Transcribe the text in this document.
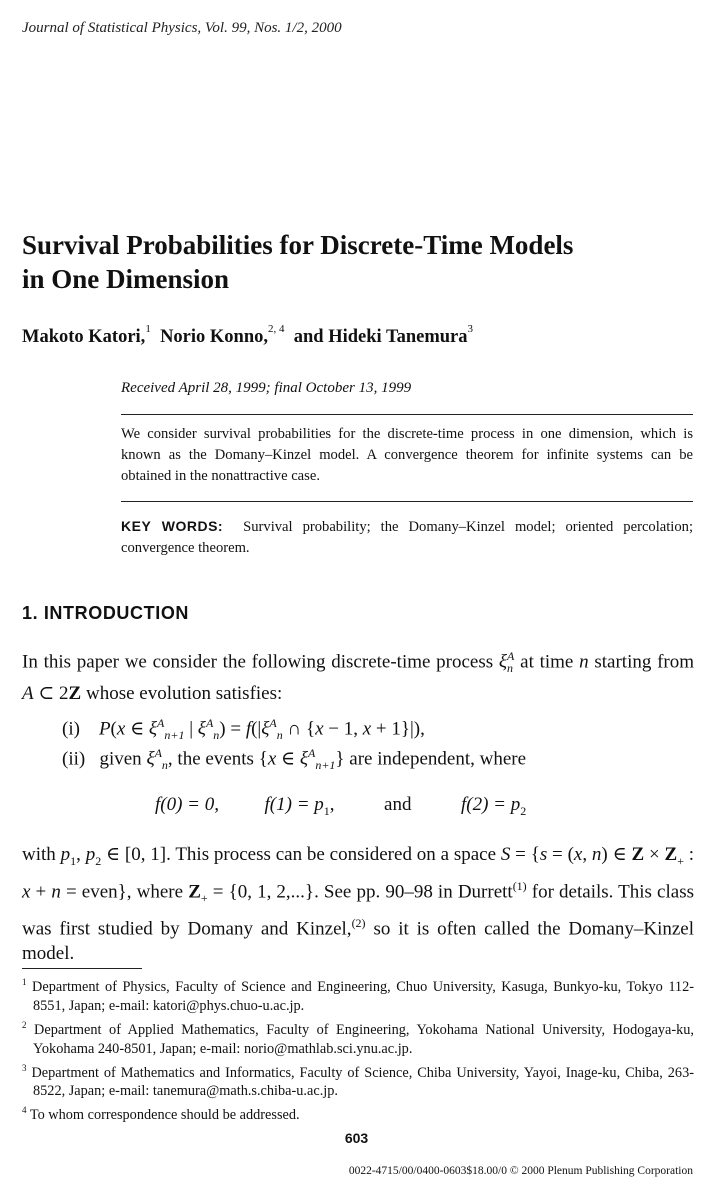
Journal of Statistical Physics, Vol. 99, Nos. 1/2, 2000
Survival Probabilities for Discrete-Time Models
in One Dimension
Makoto Katori,$^1$ Norio Konno,$^{2, 4}$ and Hideki Tanemura$^3$
Received April 28, 1999; final October 13, 1999
We consider survival probabilities for the discrete-time process in one dimension, which is known as the Domany–Kinzel model. A convergence theorem for infinite systems can be obtained in the nonattractive case.
KEY WORDS: Survival probability; the Domany–Kinzel model; oriented percolation; convergence theorem.
1. INTRODUCTION
In this paper we consider the following discrete-time process $\xi_n^A$ at time n starting from A ⊂ 2Z whose evolution satisfies:
(i) P(x ∈ $\xi^A_{n+1}$ | $\xi^A_n) = f(|\xi^A_n$ ∩ {x − 1, x + 1}|),
(ii) given $\xi^A_n$, the events {x ∈ $\xi^A_{n+1}$} are independent, where
f(0) = 0, $f(1) = p_1$,  and	$f(2) = p_2$
with $p_1$, $p_2$ ∈ [0, 1]. This process can be considered on a space S = {s = (x, n) ∈ $Z \times Z_+$ : x + n = even}, where $Z_+ = \{0$, 1, 2,...}. See pp. 90–98 in Durrett$^{(1)}$ for details. This class was first studied by Domany and Kinzel,$^{(2)}$ so it is often called the Domany–Kinzel model.
$^1$ Department of Physics, Faculty of Science and Engineering, Chuo University, Kasuga, Bunkyo-ku, Tokyo 112-8551, Japan; e-mail: katori@phys.chuo-u.ac.jp.
$^2$ Department of Applied Mathematics, Faculty of Engineering, Yokohama National University, Hodogaya-ku, Yokohama 240-8501, Japan; e-mail: norio@mathlab.sci.ynu.ac.jp.
$^3$ Department of Mathematics and Informatics, Faculty of Science, Chiba University, Yayoi, Inage-ku, Chiba, 263-8522, Japan; e-mail: tanemura@math.s.chiba-u.ac.jp.
$^4$ To whom correspondence should be addressed.
603
0022-4715/00/0400-0603$18.00/0 © 2000 Plenum Publishing Corporation
